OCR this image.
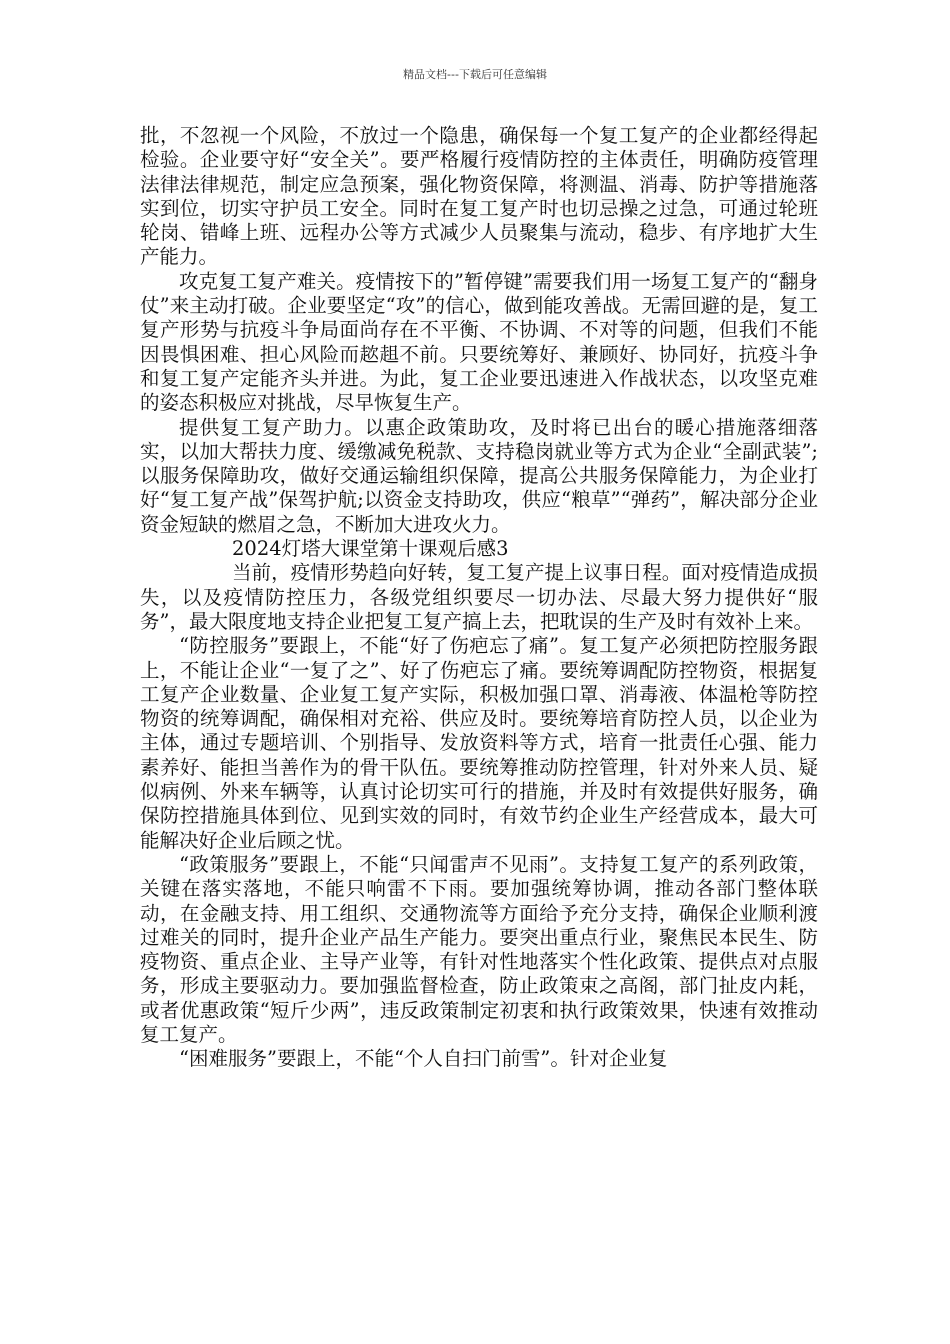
精品文档---下载后可任意编辑

批，不忽视一个风险，不放过一个隐患，确保每一个复工复产的企业都经得起检验。企业要守好“安全关”。要严格履行疫情防控的主体责任，明确防疫管理法律法律规范，制定应急预案，强化物资保障，将测温、消毒、防护等措施落实到位，切实守护员工安全。同时在复工复产时也切忌操之过急，可通过轮班轮岗、错峰上班、远程办公等方式减少人员聚集与流动，稳步、有序地扩大生产能力。

攻克复工复产难关。疫情按下的”暂停键”需要我们用一场复工复产的“翻身仗”来主动打破。企业要坚定“攻”的信心，做到能攻善战。无需回避的是，复工复产形势与抗疫斗争局面尚存在不平衡、不协调、不对等的问题，但我们不能因畏惧困难、担心风险而趑趄不前。只要统筹好、兼顾好、协同好，抗疫斗争和复工复产定能齐头并进。为此，复工企业要迅速进入作战状态，以攻坚克难的姿态积极应对挑战，尽早恢复生产。

提供复工复产助力。以惠企政策助攻，及时将已出台的暖心措施落细落实，以加大帮扶力度、缓缴减免税款、支持稳岗就业等方式为企业“全副武装”;以服务保障助攻，做好交通运输组织保障，提高公共服务保障能力，为企业打好“复工复产战”保驾护航;以资金支持助攻，供应“粮草”“弹药”，解决部分企业资金短缺的燃眉之急，不断加大进攻火力。

2024灯塔大课堂第十课观后感3

当前，疫情形势趋向好转，复工复产提上议事日程。面对疫情造成损失，以及疫情防控压力，各级党组织要尽一切办法、尽最大努力提供好“服务”，最大限度地支持企业把复工复产搞上去，把耽误的生产及时有效补上来。

“防控服务”要跟上，不能“好了伤疤忘了痛”。复工复产必须把防控服务跟上，不能让企业“一复了之”、好了伤疤忘了痛。要统筹调配防控物资，根据复工复产企业数量、企业复工复产实际，积极加强口罩、消毒液、体温枪等防控物资的统筹调配，确保相对充裕、供应及时。要统筹培育防控人员，以企业为主体，通过专题培训、个别指导、发放资料等方式，培育一批责任心强、能力素养好、能担当善作为的骨干队伍。要统筹推动防控管理，针对外来人员、疑似病例、外来车辆等，认真讨论切实可行的措施，并及时有效提供好服务，确保防控措施具体到位、见到实效的同时，有效节约企业生产经营成本，最大可能解决好企业后顾之忧。

“政策服务”要跟上，不能“只闻雷声不见雨”。支持复工复产的系列政策，关键在落实落地，不能只响雷不下雨。要加强统筹协调，推动各部门整体联动，在金融支持、用工组织、交通物流等方面给予充分支持，确保企业顺利渡过难关的同时，提升企业产品生产能力。要突出重点行业，聚焦民本民生、防疫物资、重点企业、主导产业等，有针对性地落实个性化政策、提供点对点服务，形成主要驱动力。要加强监督检查，防止政策束之高阁，部门扯皮内耗，或者优惠政策“短斤少两”，违反政策制定初衷和执行政策效果，快速有效推动复工复产。

“困难服务”要跟上，不能“个人自扫门前雪”。针对企业复
